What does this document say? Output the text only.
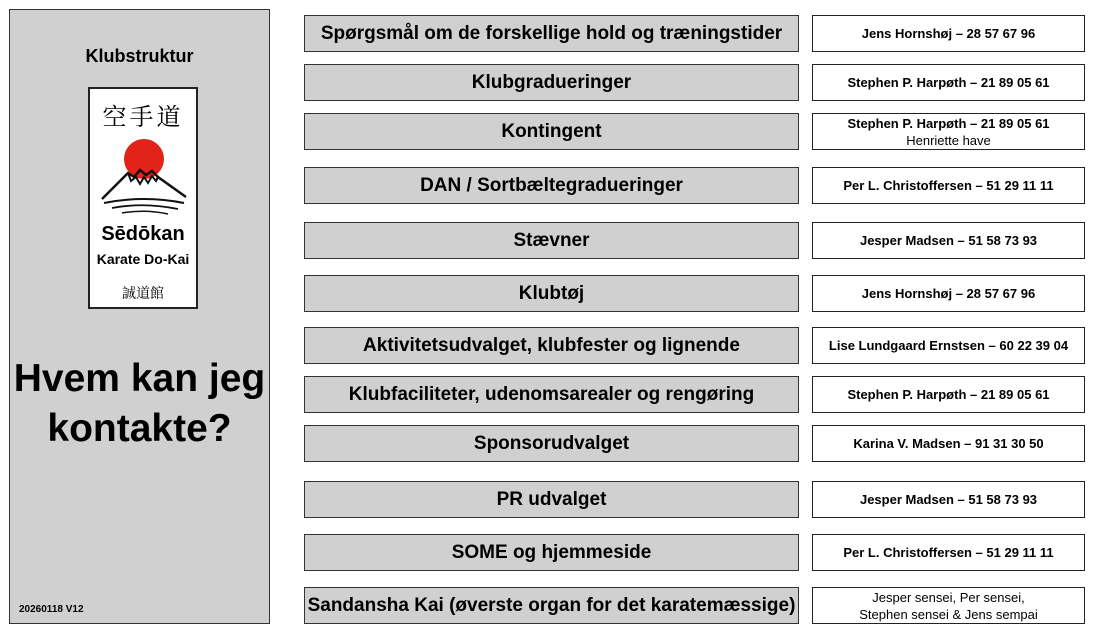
Klubstruktur
空手道
Sēdōkan
Karate Do-Kai
誠道館
Hvem kan jeg
kontakte?
20260118 V12
Spørgsmål om de forskellige hold og træningstider	Jens Hornshøj – 28 57 67 96
Klubgradueringer	Stephen P. Harpøth – 21 89 05 61
Kontingent	Stephen P. Harpøth – 21 89 05 61
Henriette have
DAN / Sortbæltegradueringer	Per L. Christoffersen – 51 29 11 11
Stævner	Jesper Madsen – 51 58 73 93
Klubtøj	Jens Hornshøj – 28 57 67 96
Aktivitetsudvalget, klubfester og lignende	Lise Lundgaard Ernstsen – 60 22 39 04
Klubfaciliteter, udenomsarealer og rengøring	Stephen P. Harpøth – 21 89 05 61
Sponsorudvalget	Karina V. Madsen – 91 31 30 50
PR udvalget	Jesper Madsen – 51 58 73 93
SOME og hjemmeside	Per L. Christoffersen – 51 29 11 11
Sandansha Kai (øverste organ for det karatemæssige)	Jesper sensei, Per sensei,
Stephen sensei & Jens sempai
